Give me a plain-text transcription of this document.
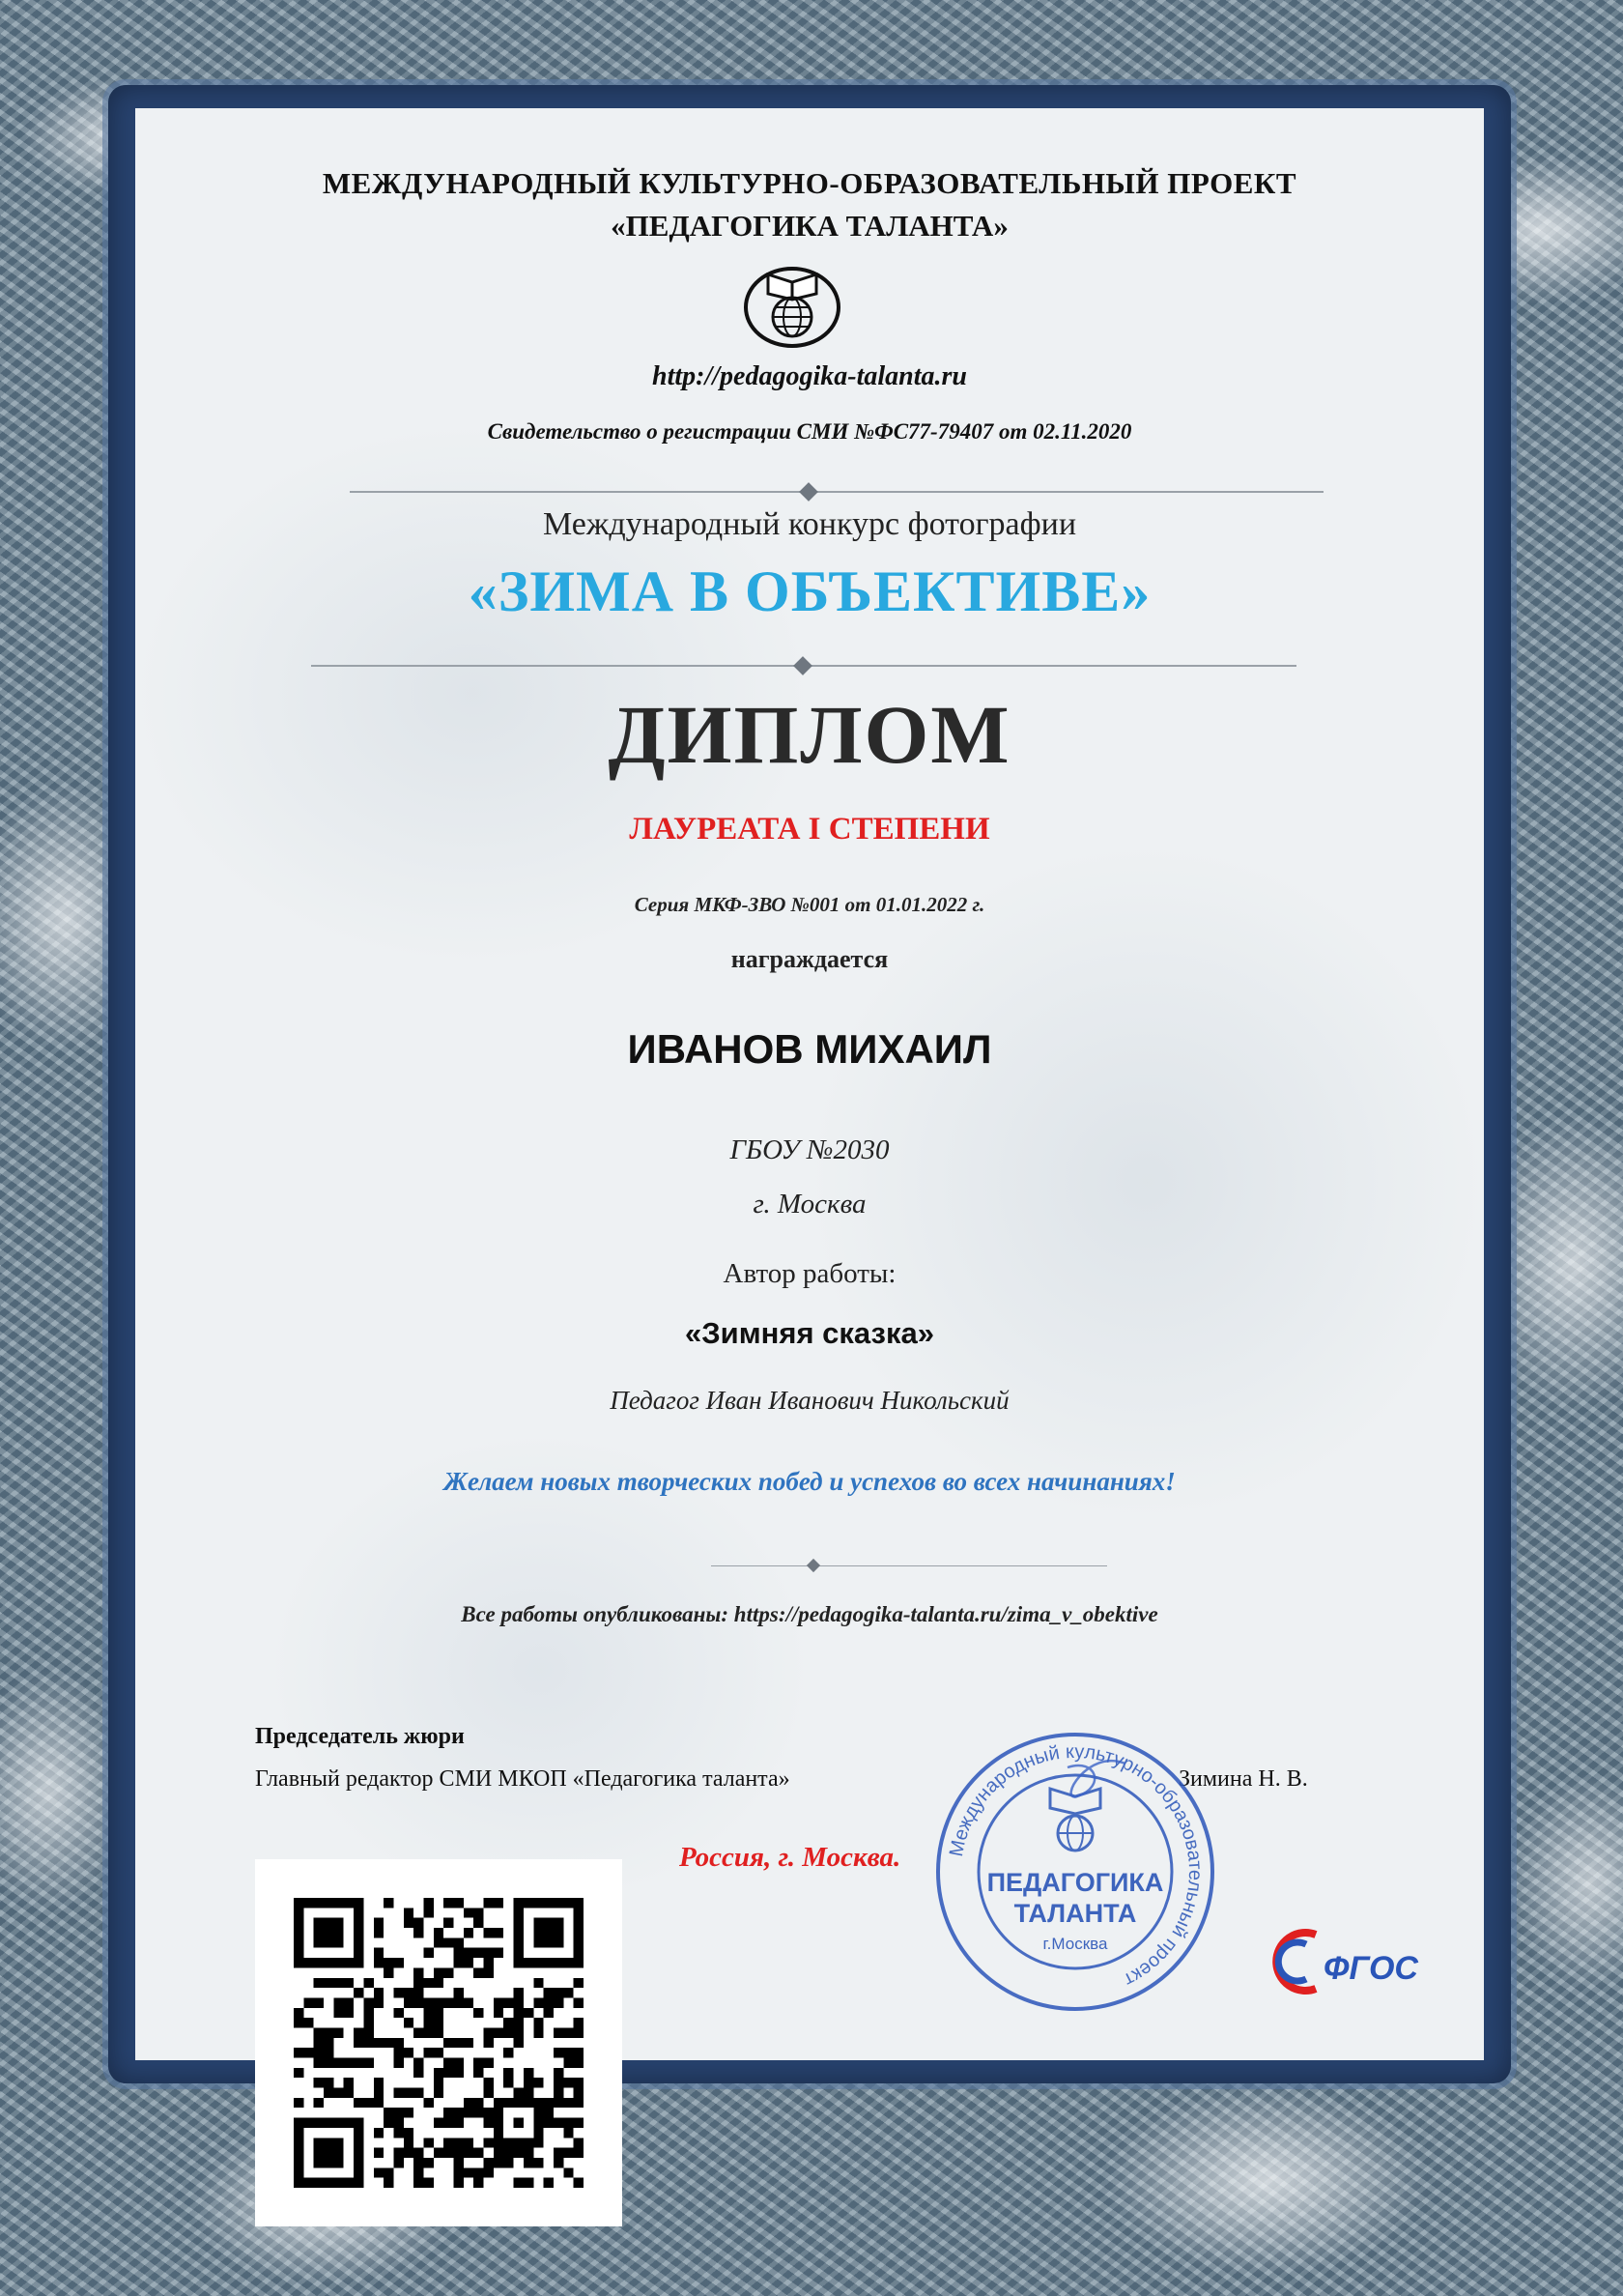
МЕЖДУНАРОДНЫЙ КУЛЬТУРНО-ОБРАЗОВАТЕЛЬНЫЙ ПРОЕКТ
«ПЕДАГОГИКА ТАЛАНТА»
http://pedagogika-talanta.ru
Свидетельство о регистрации СМИ №ФС77-79407 от 02.11.2020
Международный конкурс фотографии
«ЗИМА В ОБЪЕКТИВЕ»
ДИПЛОМ
ЛАУРЕАТА I СТЕПЕНИ
Серия МКФ-ЗВО №001 от 01.01.2022 г.
награждается
ИВАНОВ МИХАИЛ
ГБОУ №2030
г. Москва
Автор работы:
«Зимняя сказка»
Педагог Иван Иванович Никольский
Желаем новых творческих побед и успехов во всех начинаниях!
Все работы опубликованы: https://pedagogika-talanta.ru/zima_v_obektive
Председатель жюри
Главный редактор СМИ МКОП «Педагогика таланта»	Зимина Н. В.
Россия, г. Москва. Международный культурно-образовательный проект
ПЕДАГОГИКА
ТАЛАНТА
г.Москва
ФГОС
